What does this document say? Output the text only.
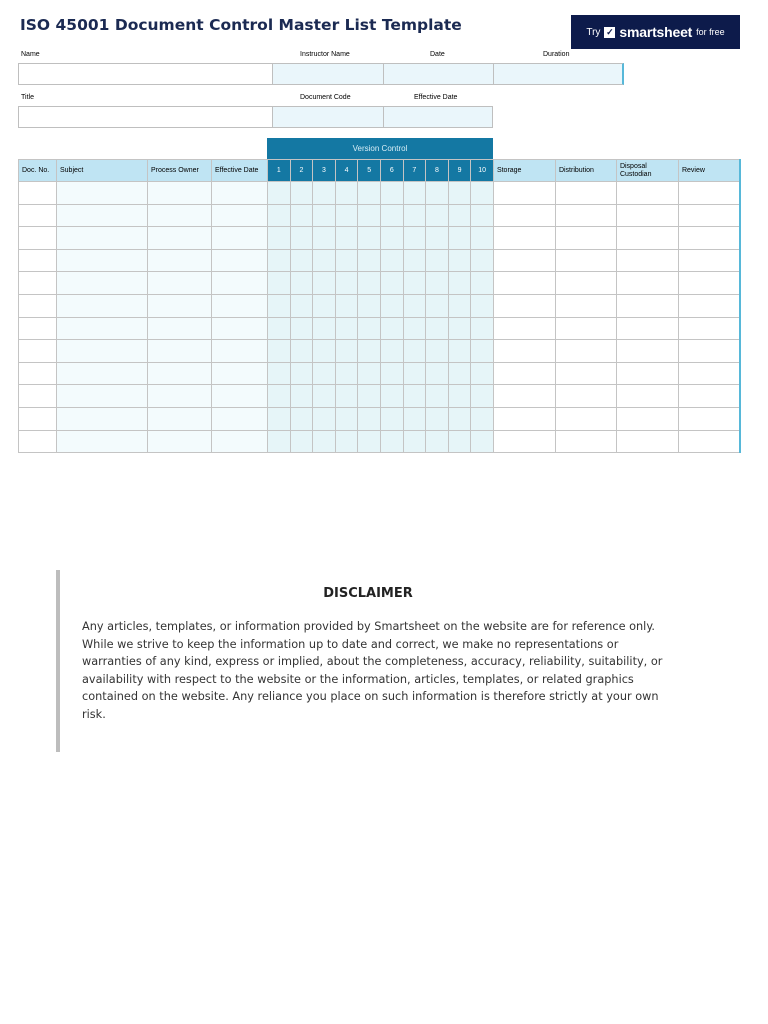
ISO 45001 Document Control Master List Template	Try ✓ smartsheet for free
Name	Instructor Name	Date	Duration
Title	Document Code	Effective Date
Version Control
Doc. No.	Subject	Process Owner	Effective Date	1	2	3	4	5	6	7	8	9	10	Storage	Distribution	Disposal Custodian	Review

DISCLAIMER

Any articles, templates, or information provided by Smartsheet on the website are for reference only. While we strive to keep the information up to date and correct, we make no representations or warranties of any kind, express or implied, about the completeness, accuracy, reliability, suitability, or availability with respect to the website or the information, articles, templates, or related graphics contained on the website. Any reliance you place on such information is therefore strictly at your own risk.
